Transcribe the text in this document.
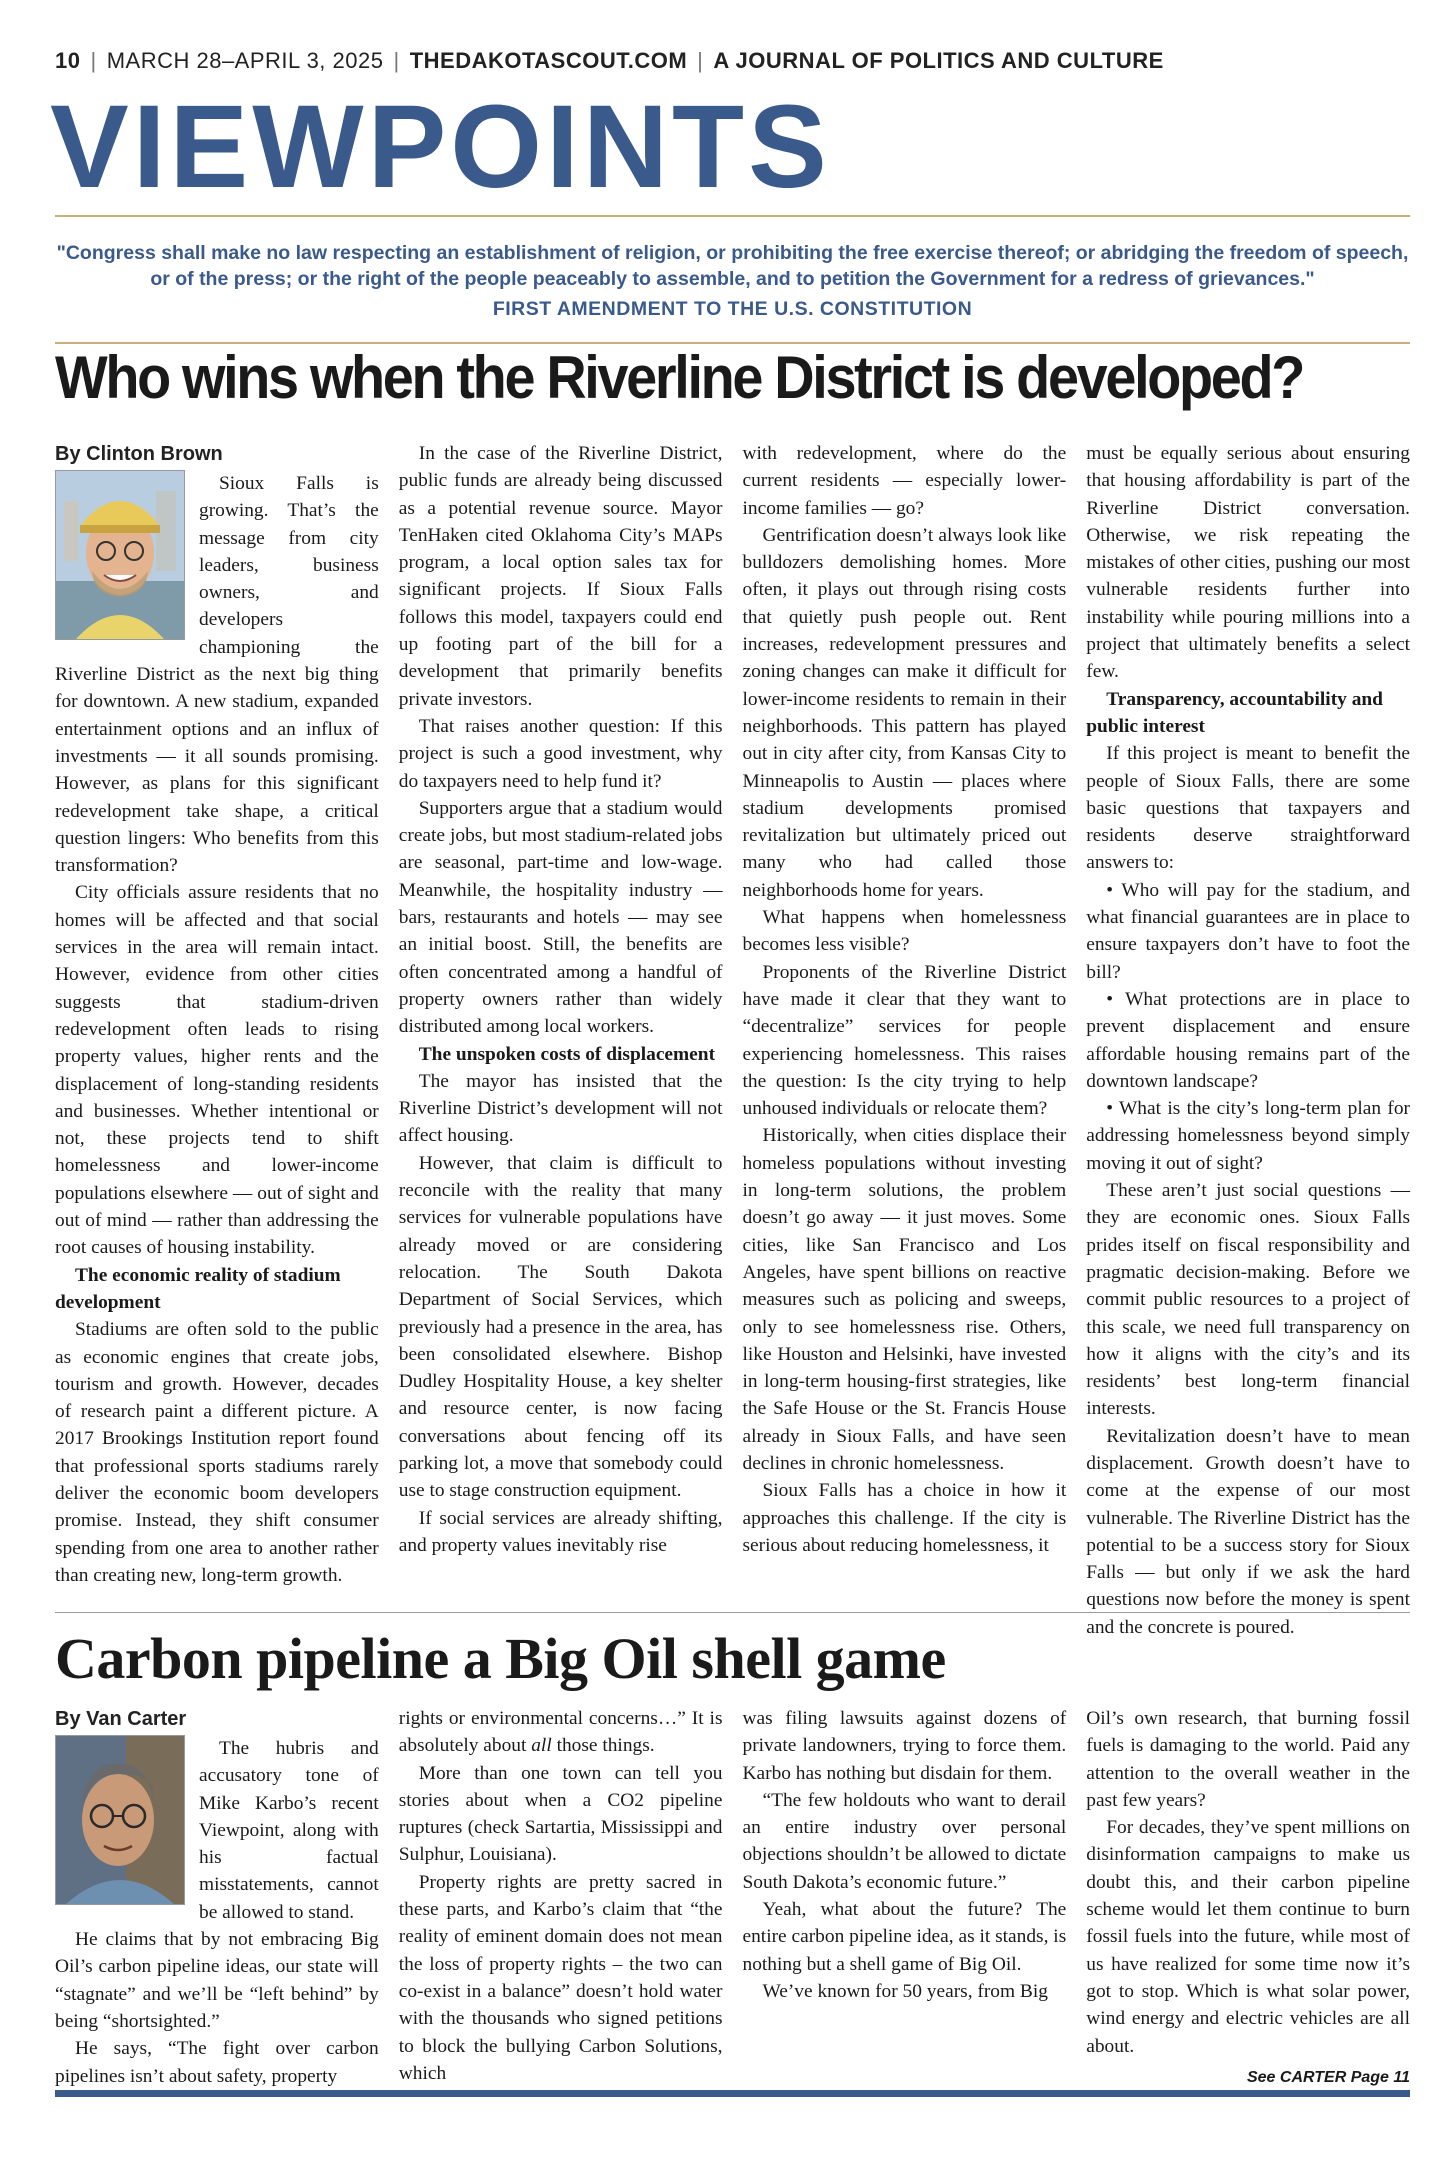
10 | MARCH 28–APRIL 3, 2025 | THEDAKOTASCOUT.COM | A JOURNAL OF POLITICS AND CULTURE
VIEWPOINTS
"Congress shall make no law respecting an establishment of religion, or prohibiting the free exercise thereof; or abridging the freedom of speech, or of the press; or the right of the people peaceably to assemble, and to petition the Government for a redress of grievances."
FIRST AMENDMENT TO THE U.S. CONSTITUTION
Who wins when the Riverline District is developed?
By Clinton Brown

Sioux Falls is growing. That’s the message from city leaders, business owners, and developers championing the Riverline District as the next big thing for downtown. A new stadium, expanded entertainment options and an influx of investments — it all sounds promising. However, as plans for this significant redevelopment take shape, a critical question lingers: Who benefits from this transformation?

City officials assure residents that no homes will be affected and that social services in the area will remain intact. However, evidence from other cities suggests that stadium-driven redevelopment often leads to rising property values, higher rents and the displacement of long-standing residents and businesses. Whether intentional or not, these projects tend to shift homelessness and lower-income populations elsewhere — out of sight and out of mind — rather than addressing the root causes of housing instability.

The economic reality of stadium development

Stadiums are often sold to the public as economic engines that create jobs, tourism and growth. However, decades of research paint a different picture. A 2017 Brookings Institution report found that professional sports stadiums rarely deliver the economic boom developers promise. Instead, they shift consumer spending from one area to another rather than creating new, long-term growth.

In the case of the Riverline District, public funds are already being discussed as a potential revenue source. Mayor TenHaken cited Oklahoma City’s MAPs program, a local option sales tax for significant projects. If Sioux Falls follows this model, taxpayers could end up footing part of the bill for a development that primarily benefits private investors.

That raises another question: If this project is such a good investment, why do taxpayers need to help fund it?

Supporters argue that a stadium would create jobs, but most stadium-related jobs are seasonal, part-time and low-wage. Meanwhile, the hospitality industry — bars, restaurants and hotels — may see an initial boost. Still, the benefits are often concentrated among a handful of property owners rather than widely distributed among local workers.

The unspoken costs of displacement

The mayor has insisted that the Riverline District’s development will not affect housing.

However, that claim is difficult to reconcile with the reality that many services for vulnerable populations have already moved or are considering relocation. The South Dakota Department of Social Services, which previously had a presence in the area, has been consolidated elsewhere. Bishop Dudley Hospitality House, a key shelter and resource center, is now facing conversations about fencing off its parking lot, a move that somebody could use to stage construction equipment.

If social services are already shifting, and property values inevitably rise

with redevelopment, where do the current residents — especially lower-income families — go?

Gentrification doesn’t always look like bulldozers demolishing homes. More often, it plays out through rising costs that quietly push people out. Rent increases, redevelopment pressures and zoning changes can make it difficult for lower-income residents to remain in their neighborhoods. This pattern has played out in city after city, from Kansas City to Minneapolis to Austin — places where stadium developments promised revitalization but ultimately priced out many who had called those neighborhoods home for years.

What happens when homelessness becomes less visible?

Proponents of the Riverline District have made it clear that they want to “decentralize” services for people experiencing homelessness. This raises the question: Is the city trying to help unhoused individuals or relocate them?

Historically, when cities displace their homeless populations without investing in long-term solutions, the problem doesn’t go away — it just moves. Some cities, like San Francisco and Los Angeles, have spent billions on reactive measures such as policing and sweeps, only to see homelessness rise. Others, like Houston and Helsinki, have invested in long-term housing-first strategies, like the Safe House or the St. Francis House already in Sioux Falls, and have seen declines in chronic homelessness.

Sioux Falls has a choice in how it approaches this challenge. If the city is serious about reducing homelessness, it

must be equally serious about ensuring that housing affordability is part of the Riverline District conversation. Otherwise, we risk repeating the mistakes of other cities, pushing our most vulnerable residents further into instability while pouring millions into a project that ultimately benefits a select few.

Transparency, accountability and public interest

If this project is meant to benefit the people of Sioux Falls, there are some basic questions that taxpayers and residents deserve straightforward answers to:

• Who will pay for the stadium, and what financial guarantees are in place to ensure taxpayers don’t have to foot the bill?

• What protections are in place to prevent displacement and ensure affordable housing remains part of the downtown landscape?

• What is the city’s long-term plan for addressing homelessness beyond simply moving it out of sight?

These aren’t just social questions — they are economic ones. Sioux Falls prides itself on fiscal responsibility and pragmatic decision-making. Before we commit public resources to a project of this scale, we need full transparency on how it aligns with the city’s and its residents’ best long-term financial interests.

Revitalization doesn’t have to mean displacement. Growth doesn’t have to come at the expense of our most vulnerable. The Riverline District has the potential to be a success story for Sioux Falls — but only if we ask the hard questions now before the money is spent and the concrete is poured.

Carbon pipeline a Big Oil shell game
By Van Carter

The hubris and accusatory tone of Mike Karbo’s recent Viewpoint, along with his factual misstatements, cannot be allowed to stand.

He claims that by not embracing Big Oil’s carbon pipeline ideas, our state will “stagnate” and we’ll be “left behind” by being “shortsighted.”

He says, “The fight over carbon pipelines isn’t about safety, property

rights or environmental concerns…” It is absolutely about all those things.

More than one town can tell you stories about when a CO2 pipeline ruptures (check Sartartia, Mississippi and Sulphur, Louisiana).

Property rights are pretty sacred in these parts, and Karbo’s claim that “the reality of eminent domain does not mean the loss of property rights – the two can co-exist in a balance” doesn’t hold water with the thousands who signed petitions to block the bullying Carbon Solutions, which

was filing lawsuits against dozens of private landowners, trying to force them. Karbo has nothing but disdain for them.

“The few holdouts who want to derail an entire industry over personal objections shouldn’t be allowed to dictate South Dakota’s economic future.”

Yeah, what about the future? The entire carbon pipeline idea, as it stands, is nothing but a shell game of Big Oil.

We’ve known for 50 years, from Big

Oil’s own research, that burning fossil fuels is damaging to the world. Paid any attention to the overall weather in the past few years?

For decades, they’ve spent millions on disinformation campaigns to make us doubt this, and their carbon pipeline scheme would let them continue to burn fossil fuels into the future, while most of us have realized for some time now it’s got to stop. Which is what solar power, wind energy and electric vehicles are all about.

See CARTER Page 11
